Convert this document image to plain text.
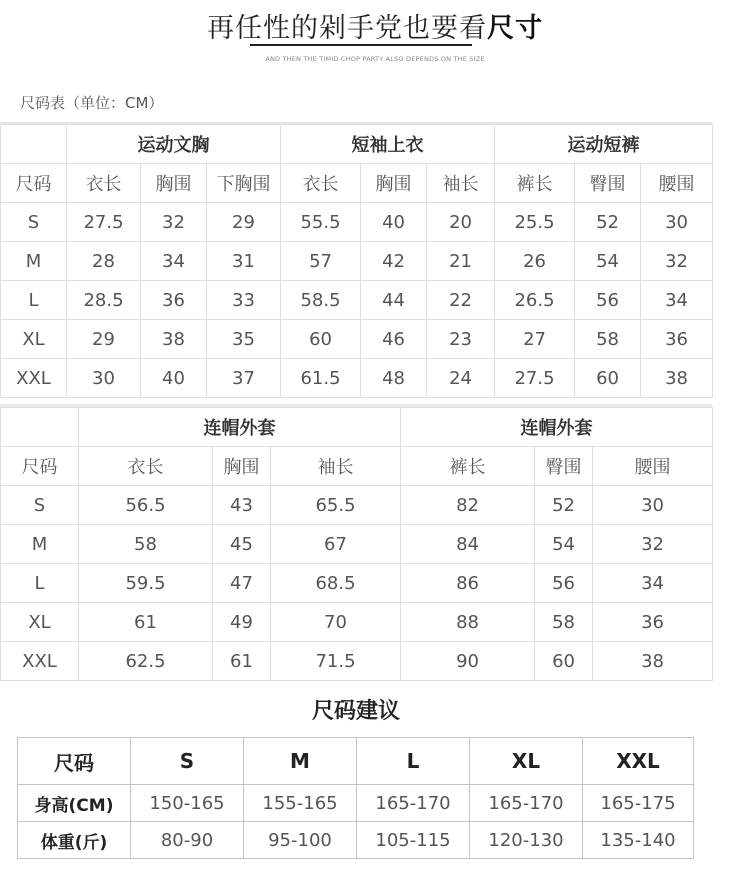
再任性的剁手党也要看尺寸
AND THEN THE TIMID CHOP PARTY ALSO DEPENDS ON THE SIZE
尺码表（单位：CM）
	运动文胸			短袖上衣			运动短裤		
尺码	衣长	胸围	下胸围	衣长	胸围	袖长	裤长	臀围	腰围
S	27.5	32	29	55.5	40	20	25.5	52	30
M	28	34	31	57	42	21	26	54	32
L	28.5	36	33	58.5	44	22	26.5	56	34
XL	29	38	35	60	46	23	27	58	36
XXL	30	40	37	61.5	48	24	27.5	60	38
	连帽外套			连帽外套		
尺码	衣长	胸围	袖长	裤长	臀围	腰围
S	56.5	43	65.5	82	52	30
M	58	45	67	84	54	32
L	59.5	47	68.5	86	56	34
XL	61	49	70	88	58	36
XXL	62.5	61	71.5	90	60	38
尺码建议
尺码	S	M	L	XL	XXL
身高(CM)	150-165	155-165	165-170	165-170	165-175
体重(斤)	80-90	95-100	105-115	120-130	135-140
